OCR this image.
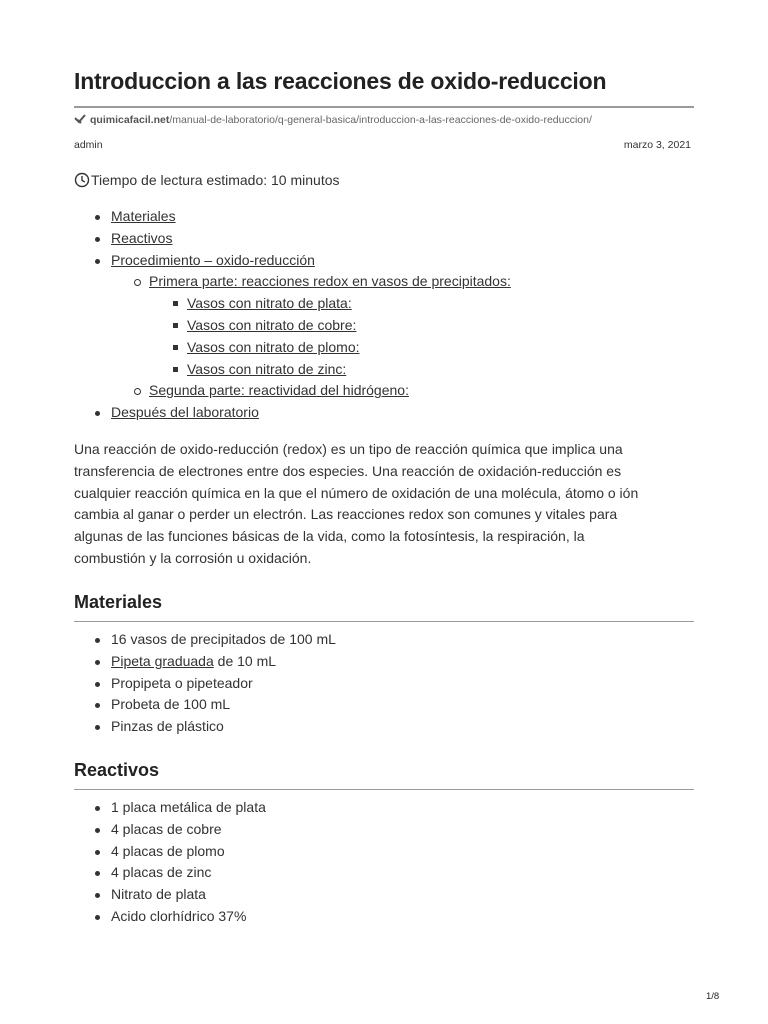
Introduccion a las reacciones de oxido-reduccion
quimicafacil.net/manual-de-laboratorio/q-general-basica/introduccion-a-las-reacciones-de-oxido-reduccion/
admin	marzo 3, 2021
Tiempo de lectura estimado: 10 minutos
Materiales
Reactivos
Procedimiento – oxido-reducción
Primera parte: reacciones redox en vasos de precipitados:
Vasos con nitrato de plata:
Vasos con nitrato de cobre:
Vasos con nitrato de plomo:
Vasos con nitrato de zinc:
Segunda parte: reactividad del hidrógeno:
Después del laboratorio
Una reacción de oxido-reducción (redox) es un tipo de reacción química que implica una
transferencia de electrones entre dos especies. Una reacción de oxidación-reducción es
cualquier reacción química en la que el número de oxidación de una molécula, átomo o ión
cambia al ganar o perder un electrón. Las reacciones redox son comunes y vitales para
algunas de las funciones básicas de la vida, como la fotosíntesis, la respiración, la
combustión y la corrosión u oxidación.
Materiales
16 vasos de precipitados de 100 mL
Pipeta graduada de 10 mL
Propipeta o pipeteador
Probeta de 100 mL
Pinzas de plástico
Reactivos
1 placa metálica de plata
4 placas de cobre
4 placas de plomo
4 placas de zinc
Nitrato de plata
Acido clorhídrico 37%
1/8
